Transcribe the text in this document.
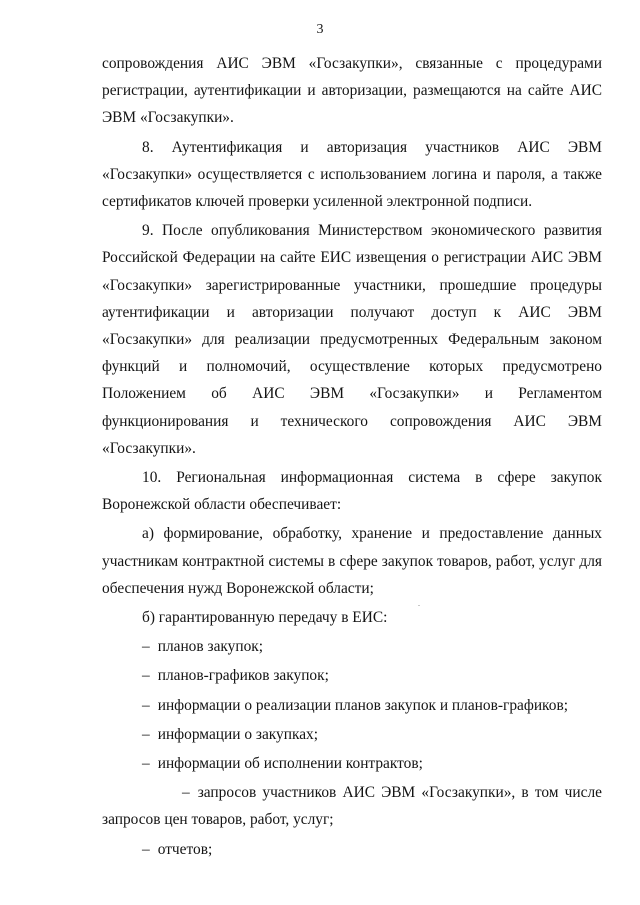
3

сопровождения АИС ЭВМ «Госзакупки», связанные с процедурами регистрации, аутентификации и авторизации, размещаются на сайте АИС ЭВМ «Госзакупки».

8. Аутентификация и авторизация участников АИС ЭВМ «Госзакупки» осуществляется с использованием логина и пароля, а также сертификатов ключей проверки усиленной электронной подписи.

9. После опубликования Министерством экономического развития Российской Федерации на сайте ЕИС извещения о регистрации АИС ЭВМ «Госзакупки» зарегистрированные участники, прошедшие процедуры аутентификации и авторизации получают доступ к АИС ЭВМ «Госзакупки» для реализации предусмотренных Федеральным законом функций и полномочий, осуществление которых предусмотрено Положением об АИС ЭВМ «Госзакупки» и Регламентом функционирования и технического сопровождения АИС ЭВМ «Госзакупки».

10. Региональная информационная система в сфере закупок Воронежской области обеспечивает:

а) формирование, обработку, хранение и предоставление данных участникам контрактной системы в сфере закупок товаров, работ, услуг для обеспечения нужд Воронежской области;

б) гарантированную передачу в ЕИС:

– планов закупок;
– планов-графиков закупок;
– информации о реализации планов закупок и планов-графиков;
– информации о закупках;
– информации об исполнении контрактов;
– запросов участников АИС ЭВМ «Госзакупки», в том числе запросов цен товаров, работ, услуг;
– отчетов;
